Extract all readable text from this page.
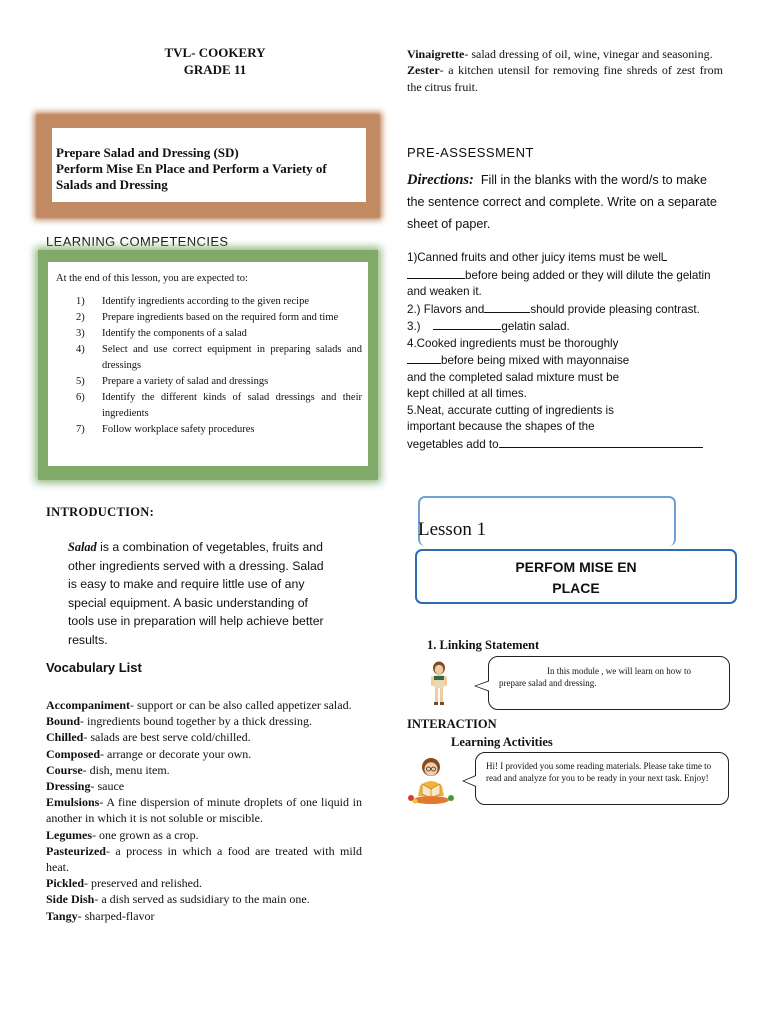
TVL- COOKERY
GRADE 11
Prepare Salad and Dressing (SD)
Perform Mise En Place and Perform a Variety of
Salads and Dressing
LEARNING COMPETENCIES
At the end of this lesson, you are expected to:
1)	Identify ingredients according to the given recipe
2)	Prepare ingredients based on the required form and time
3)	Identify the components of a salad
4)	Select and use correct equipment in preparing salads and dressings
5)	Prepare a variety of salad and dressings
6)	Identify the different kinds of salad dressings and their ingredients
7)	Follow workplace safety procedures
INTRODUCTION:
Salad is a combination of vegetables, fruits and other ingredients served with a dressing. Salad is easy to make and require little use of any special equipment. A basic understanding of tools use in preparation will help achieve better results.
Vocabulary List
Accompaniment- support or can be also called appetizer salad.
Bound- ingredients bound together by a thick dressing.
Chilled- salads are best serve cold/chilled.
Composed- arrange or decorate your own.
Course- dish, menu item.
Dressing- sauce
Emulsions- A fine dispersion of minute droplets of one liquid in another in which it is not soluble or miscible.
Legumes- one grown as a crop.
Pasteurized- a process in which a food are treated with mild heat.
Pickled- preserved and relished.
Side Dish- a dish served as sudsidiary to the main one.
Tangy- sharped-flavor
Vinaigrette- salad dressing of oil, wine, vinegar and seasoning.
Zester- a kitchen utensil for removing fine shreds of zest from the citrus fruit.
PRE-ASSESSMENT
Directions: Fill in the blanks with the word/s to make the sentence correct and complete. Write on a separate sheet of paper.
1)Canned fruits and other juicy items must be well
before being added or they will dilute the gelatin and weaken it.
2.) Flavors and	should provide pleasing contrast.
3.)	gelatin salad.
4.Cooked ingredients must be thoroughly
before being mixed with mayonnaise
and the completed salad mixture must be
kept chilled at all times.
5.Neat, accurate cutting of ingredients is
important because the shapes of the
vegetables add to
Lesson 1
PERFOM MISE EN
PLACE
1. Linking Statement
In this module , we will learn on how to prepare salad and dressing.
INTERACTION
Learning Activities
Hi! I provided you some reading materials. Please take time to read and analyze for you to be ready in your next task. Enjoy!
